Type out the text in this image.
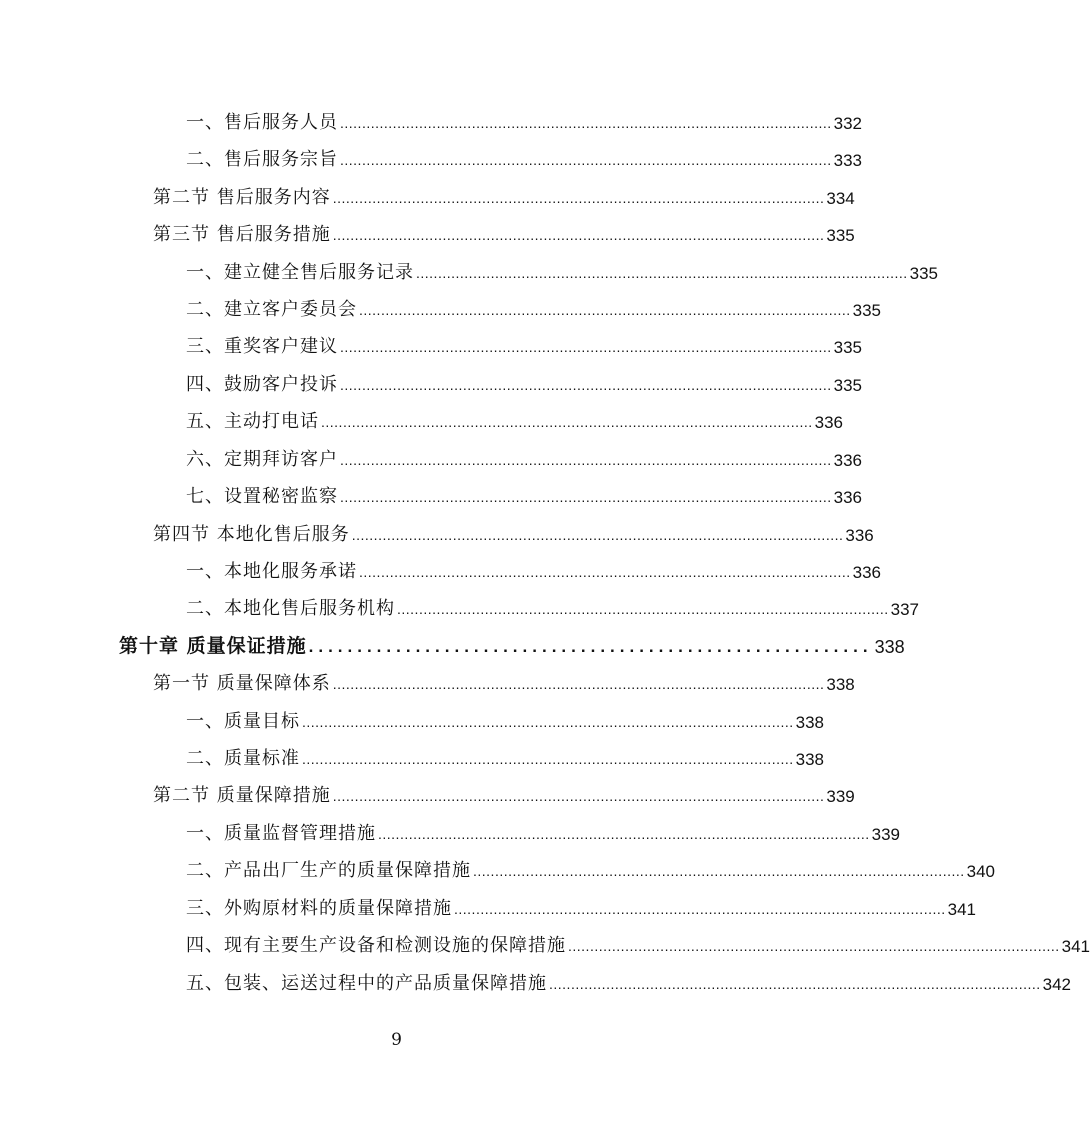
一、售后服务人员 ................................................................................................................ 332
二、售后服务宗旨 ................................................................................................................ 333
第二节 售后服务内容 ................................................................................................................ 334
第三节 售后服务措施 ................................................................................................................ 335
一、建立健全售后服务记录 ................................................................................................................ 335
二、建立客户委员会 ................................................................................................................ 335
三、重奖客户建议 ................................................................................................................ 335
四、鼓励客户投诉 ................................................................................................................ 335
五、主动打电话 ................................................................................................................ 336
六、定期拜访客户 ................................................................................................................ 336
七、设置秘密监察 ................................................................................................................ 336
第四节 本地化售后服务 ................................................................................................................ 336
一、本地化服务承诺 ................................................................................................................ 336
二、本地化售后服务机构 ................................................................................................................ 337
第十章 质量保证措施 .......................................................... 338
第一节 质量保障体系 ................................................................................................................ 338
一、质量目标 ................................................................................................................ 338
二、质量标准 ................................................................................................................ 338
第二节 质量保障措施 ................................................................................................................ 339
一、质量监督管理措施 ................................................................................................................ 339
二、产品出厂生产的质量保障措施 ................................................................................................................ 340
三、外购原材料的质量保障措施 ................................................................................................................ 341
四、现有主要生产设备和检测设施的保障措施 ................................................................................................................ 341
五、包装、运送过程中的产品质量保障措施 ................................................................................................................ 342
9
